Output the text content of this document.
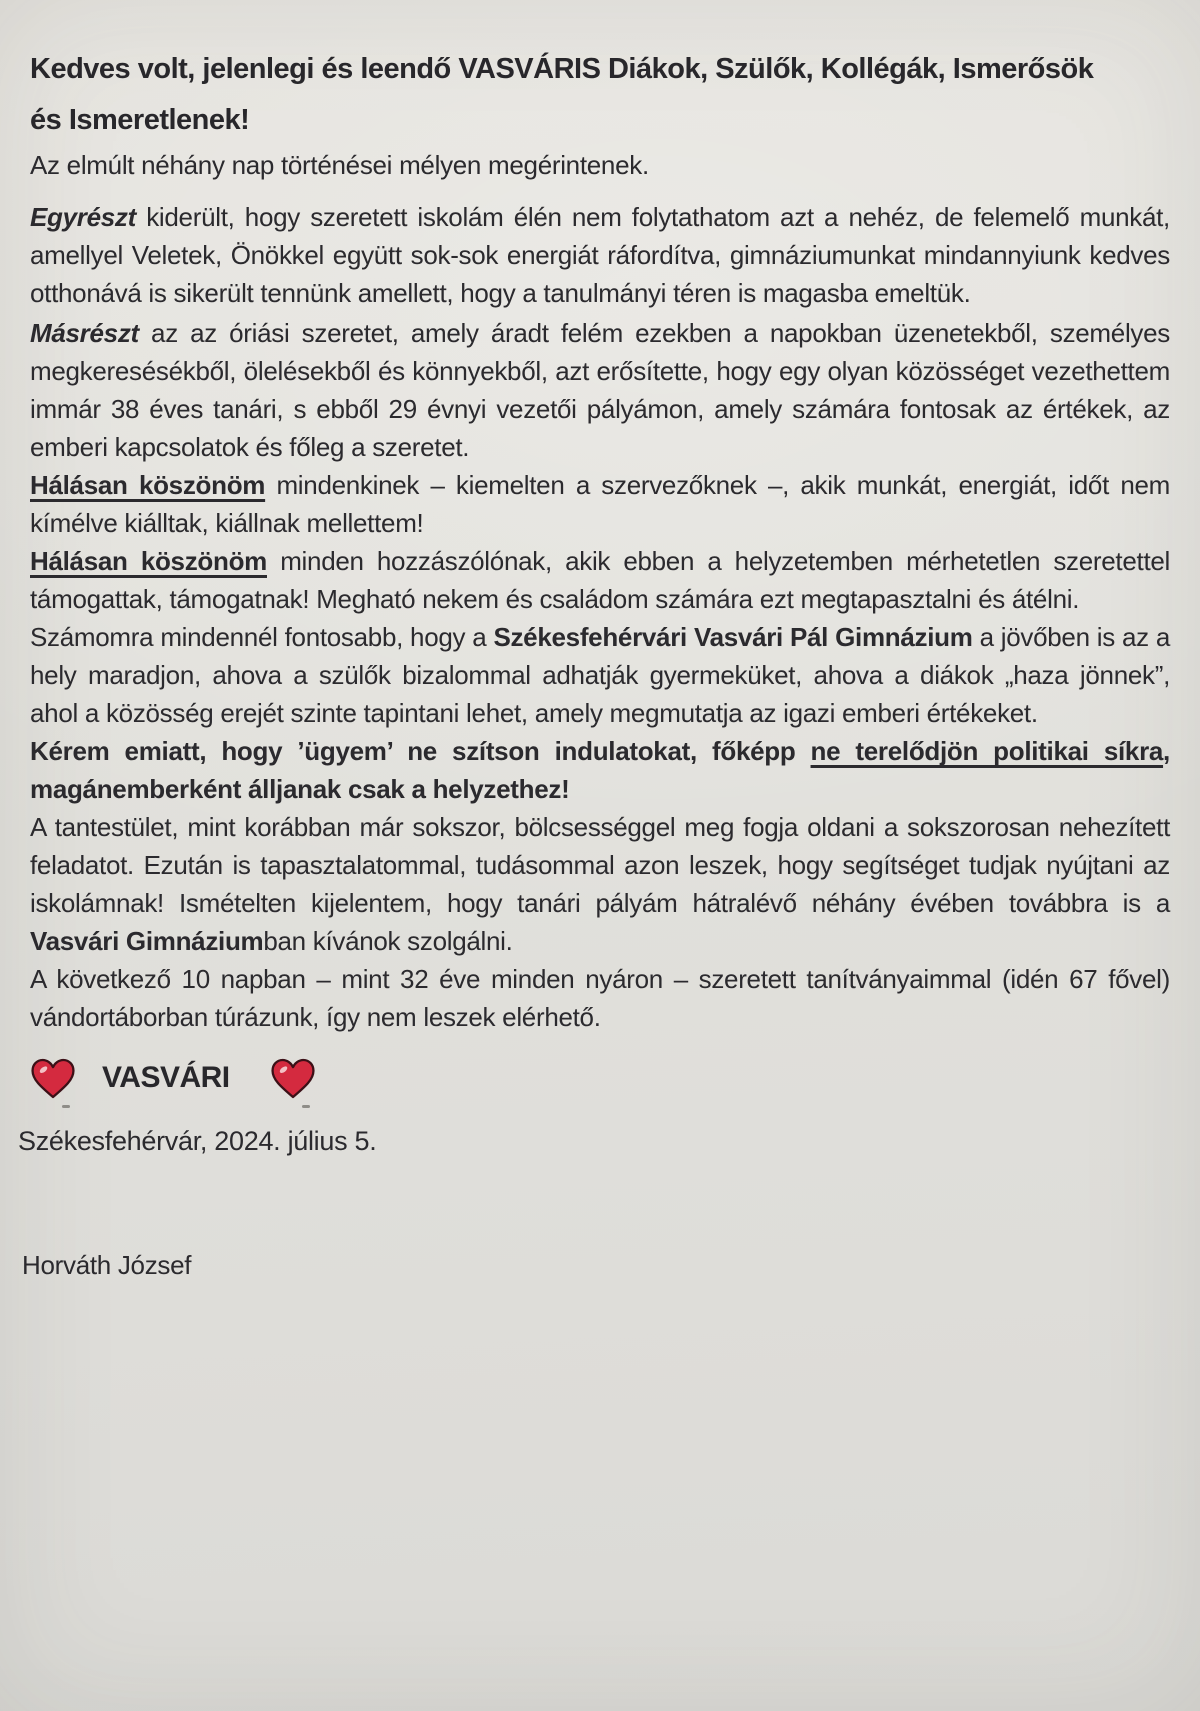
Kedves volt, jelenlegi és leendő VASVÁRIS Diákok, Szülők, Kollégák, Ismerősök és Ismeretlenek!

Az elmúlt néhány nap történései mélyen megérintenek.

Egyrészt kiderült, hogy szeretett iskolám élén nem folytathatom azt a nehéz, de felemelő munkát, amellyel Veletek, Önökkel együtt sok-sok energiát ráfordítva, gimnáziumunkat mindannyiunk kedves otthonává is sikerült tennünk amellett, hogy a tanulmányi téren is magasba emeltük.

Másrészt az az óriási szeretet, amely áradt felém ezekben a napokban üzenetekből, személyes megkeresésékből, ölelésekből és könnyekből, azt erősítette, hogy egy olyan közösséget vezethettem immár 38 éves tanári, s ebből 29 évnyi vezetői pályámon, amely számára fontosak az értékek, az emberi kapcsolatok és főleg a szeretet.

Hálásan köszönöm mindenkinek – kiemelten a szervezőknek –, akik munkát, energiát, időt nem kímélve kiálltak, kiállnak mellettem!

Hálásan köszönöm minden hozzászólónak, akik ebben a helyzetemben mérhetetlen szeretettel támogattak, támogatnak! Megható nekem és családom számára ezt megtapasztalni és átélni.

Számomra mindennél fontosabb, hogy a Székesfehérvári Vasvári Pál Gimnázium a jövőben is az a hely maradjon, ahova a szülők bizalommal adhatják gyermeküket, ahova a diákok „haza jönnek”, ahol a közösség erejét szinte tapintani lehet, amely megmutatja az igazi emberi értékeket.

Kérem emiatt, hogy ’ügyem’ ne szítson indulatokat, főképp ne terelődjön politikai síkra, magánemberként álljanak csak a helyzethez!

A tantestület, mint korábban már sokszor, bölcsességgel meg fogja oldani a sokszorosan nehezített feladatot. Ezután is tapasztalatommal, tudásommal azon leszek, hogy segítséget tudjak nyújtani az iskolámnak! Ismételten kijelentem, hogy tanári pályám hátralévő néhány évében továbbra is a Vasvári Gimnáziumban kívánok szolgálni.

A következő 10 napban – mint 32 éve minden nyáron – szeretett tanítványaimmal (idén 67 fővel) vándortáborban túrázunk, így nem leszek elérhető.

VASVÁRI

Székesfehérvár, 2024. július 5.

Horváth József
